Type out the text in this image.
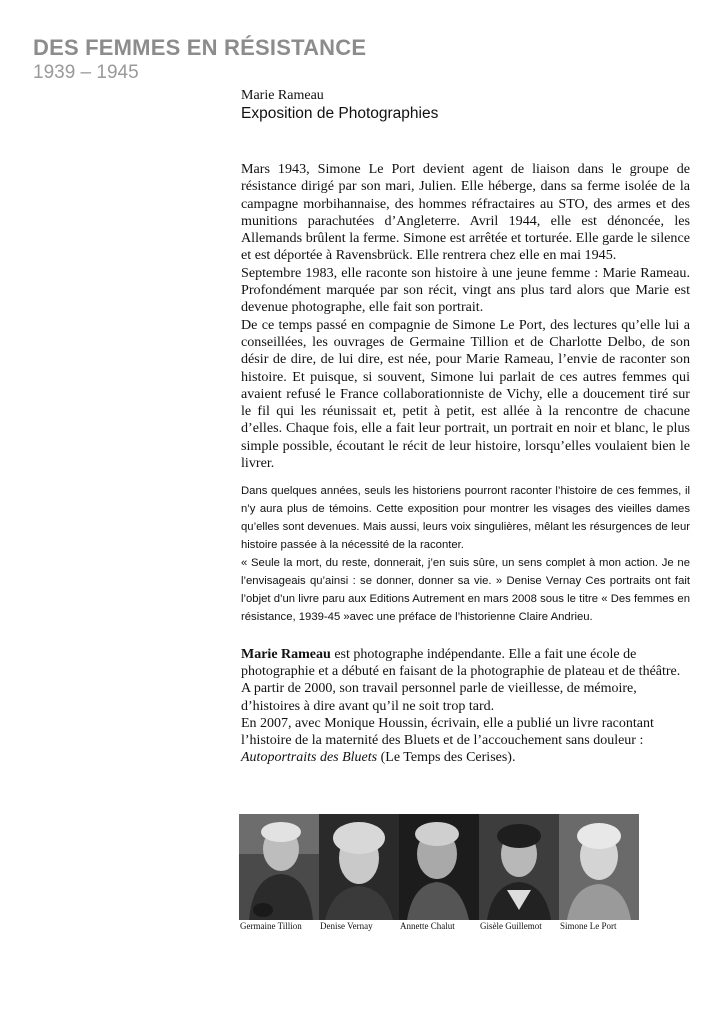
DES FEMMES EN RÉSISTANCE
1939 – 1945
Marie Rameau
Exposition de Photographies

Mars 1943, Simone Le Port devient agent de liaison dans le groupe de résistance dirigé par son mari, Julien. Elle héberge, dans sa ferme isolée de la campagne morbihannaise, des hommes réfractaires au STO, des armes et des munitions parachutées d’Angleterre. Avril 1944, elle est dénoncée, les Allemands brûlent la ferme. Simone est arrêtée et torturée. Elle garde le silence et est déportée à Ravensbrück. Elle rentrera chez elle en mai 1945.

Septembre 1983, elle raconte son histoire à une jeune femme : Marie Rameau. Profondément marquée par son récit, vingt ans plus tard alors que Marie est devenue photographe, elle fait son portrait.

De ce temps passé en compagnie de Simone Le Port, des lectures qu’elle lui a conseillées, les ouvrages de Germaine Tillion et de Charlotte Delbo, de son désir de dire, de lui dire, est née, pour Marie Rameau, l’envie de raconter son histoire. Et puisque, si souvent, Simone lui parlait de ces autres femmes qui avaient refusé le France collaborationniste de Vichy, elle a doucement tiré sur le fil qui les réunissait et, petit à petit, est allée à la rencontre de chacune d’elles. Chaque fois, elle a fait leur portrait, un portrait en noir et blanc, le plus simple possible, écoutant le récit de leur histoire, lorsqu’elles voulaient bien le livrer.

Dans quelques années, seuls les historiens pourront raconter l’histoire de ces femmes, il n’y aura plus de témoins. Cette exposition pour montrer les visages des vieilles dames qu’elles sont devenues. Mais aussi, leurs voix singulières, mêlant les résurgences de leur histoire passée à la nécessité de la raconter.

« Seule la mort, du reste, donnerait, j’en suis sûre, un sens complet à mon action. Je ne l’envisageais qu’ainsi : se donner, donner sa vie. » Denise Vernay Ces portraits ont fait l’objet d’un livre paru aux Editions Autrement en mars 2008 sous le titre « Des femmes en résistance, 1939-45 »avec une préface de l’historienne Claire Andrieu.

Marie Rameau est photographe indépendante. Elle a fait une école de photographie et a débuté en faisant de la photographie de plateau et de théâtre. A partir de 2000, son travail personnel parle de vieillesse, de mémoire, d’histoires à dire avant qu’il ne soit trop tard.

En 2007, avec Monique Houssin, écrivain, elle a publié un livre racontant l’histoire de la maternité des Bluets et de l’accouchement sans douleur : Autoportraits des Bluets (Le Temps des Cerises).

Germaine Tillion Denise Vernay	Annette Chalut	Gisèle Guillemot Simone Le Port
